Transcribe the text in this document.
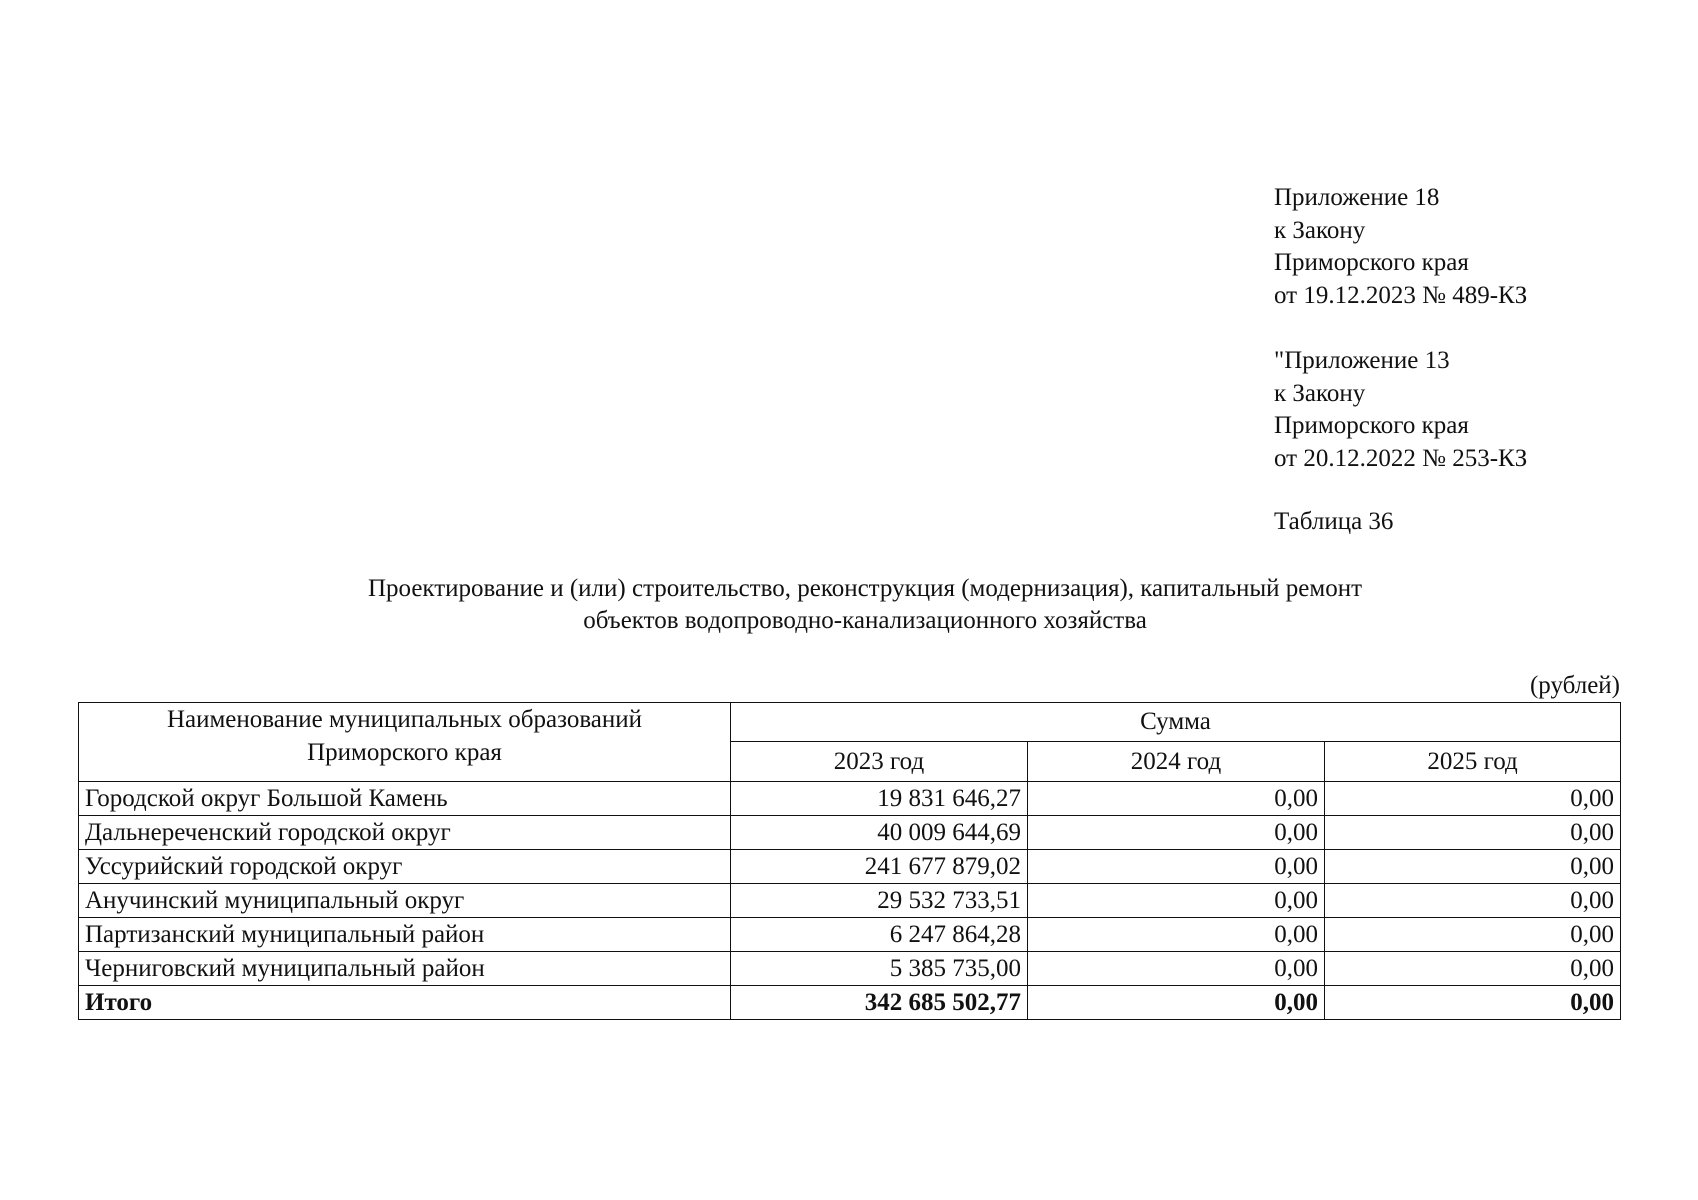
Приложение 18
к Закону
Приморского края
от 19.12.2023 № 489-КЗ
"Приложение 13
к Закону
Приморского края
от 20.12.2022 № 253-КЗ
Таблица 36
Проектирование и (или) строительство, реконструкция (модернизация), капитальный ремонт
объектов водопроводно-канализационного хозяйства
(рублей)
Наименование муниципальных образований
Приморского края	Сумма		
	2023 год	2024 год	2025 год
Городской округ Большой Камень	19 831 646,27	0,00	0,00
Дальнереченский городской округ	40 009 644,69	0,00	0,00
Уссурийский городской округ	241 677 879,02	0,00	0,00
Анучинский муниципальный округ	29 532 733,51	0,00	0,00
Партизанский муниципальный район	6 247 864,28	0,00	0,00
Черниговский муниципальный район	5 385 735,00	0,00	0,00
Итого	342 685 502,77	0,00	0,00
